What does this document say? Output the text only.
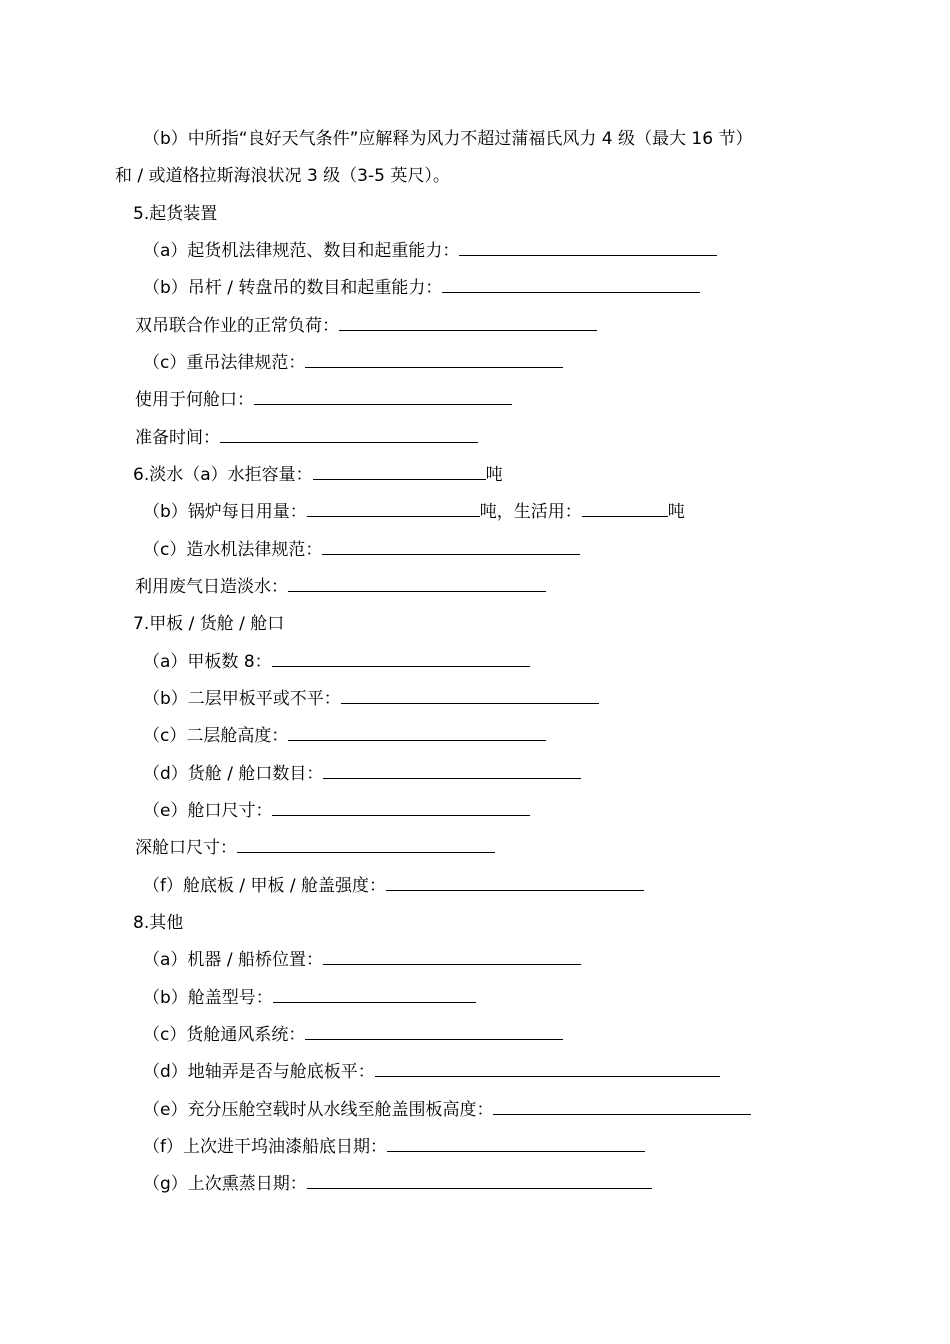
（b）中所指“良好天气条件”应解释为风力不超过蒲福氏风力 4 级（最大 16 节）
和 / 或道格拉斯海浪状况 3 级（3-5 英尺）。
5.起货装置
（a）起货机法律规范、数目和起重能力：
（b）吊杆 / 转盘吊的数目和起重能力：
双吊联合作业的正常负荷：
（c）重吊法律规范：
使用于何舱口：
准备时间：
6.淡水（a）水拒容量：	吨
（b）锅炉每日用量：	吨，生活用：	吨
（c）造水机法律规范：
利用废气日造淡水：
7.甲板 / 货舱 / 舱口
（a）甲板数 8：
（b）二层甲板平或不平：
（c）二层舱高度：
（d）货舱 / 舱口数目：
（e）舱口尺寸：
深舱口尺寸：
（f）舱底板 / 甲板 / 舱盖强度：
8.其他
（a）机器 / 船桥位置：
（b）舱盖型号：
（c）货舱通风系统：
（d）地轴弄是否与舱底板平：
（e）充分压舱空载时从水线至舱盖围板高度：
（f）上次进干坞油漆船底日期：
（g）上次熏蒸日期：
